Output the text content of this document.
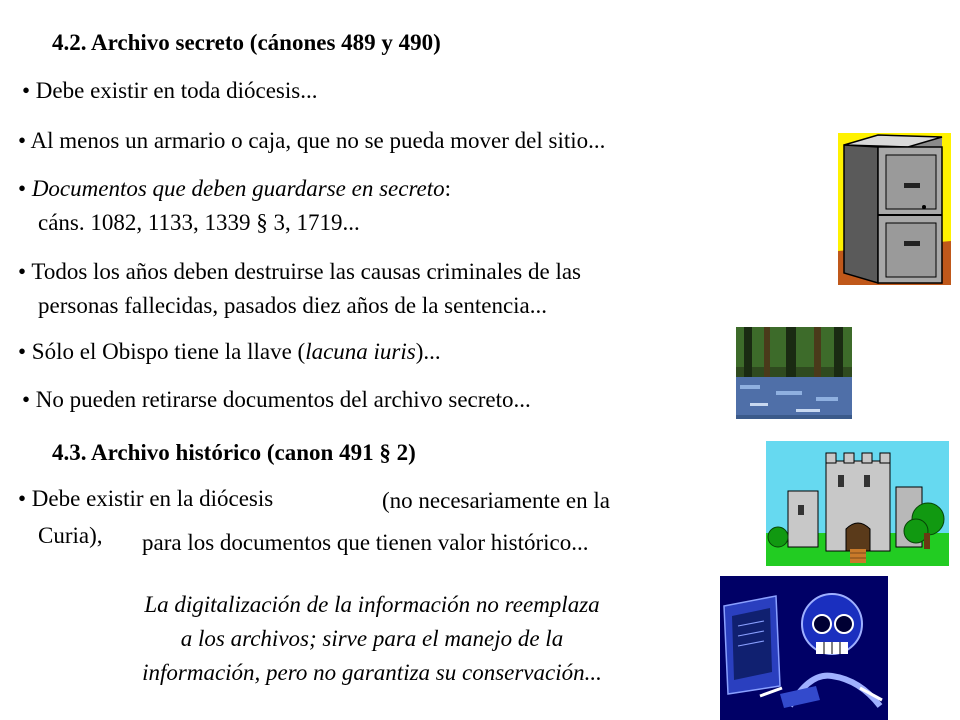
4.2. Archivo secreto (cánones 489 y 490)
• Debe existir en toda diócesis...
• Al menos un armario o caja, que no se pueda mover del sitio...
• Documentos que deben guardarse en secreto:
cáns. 1082, 1133, 1339 § 3, 1719...
• Todos los años deben destruirse las causas criminales de las
personas fallecidas, pasados diez años de la sentencia...
• Sólo el Obispo tiene la llave (lacuna iuris)...
• No pueden retirarse documentos del archivo secreto...
4.3. Archivo histórico (canon 491 § 2)
• Debe existir en la diócesis	(no necesariamente en la
Curia), para los documentos que tienen valor histórico...
La digitalización de la información no reemplaza
a los archivos; sirve para el manejo de la
información, pero no garantiza su conservación...
